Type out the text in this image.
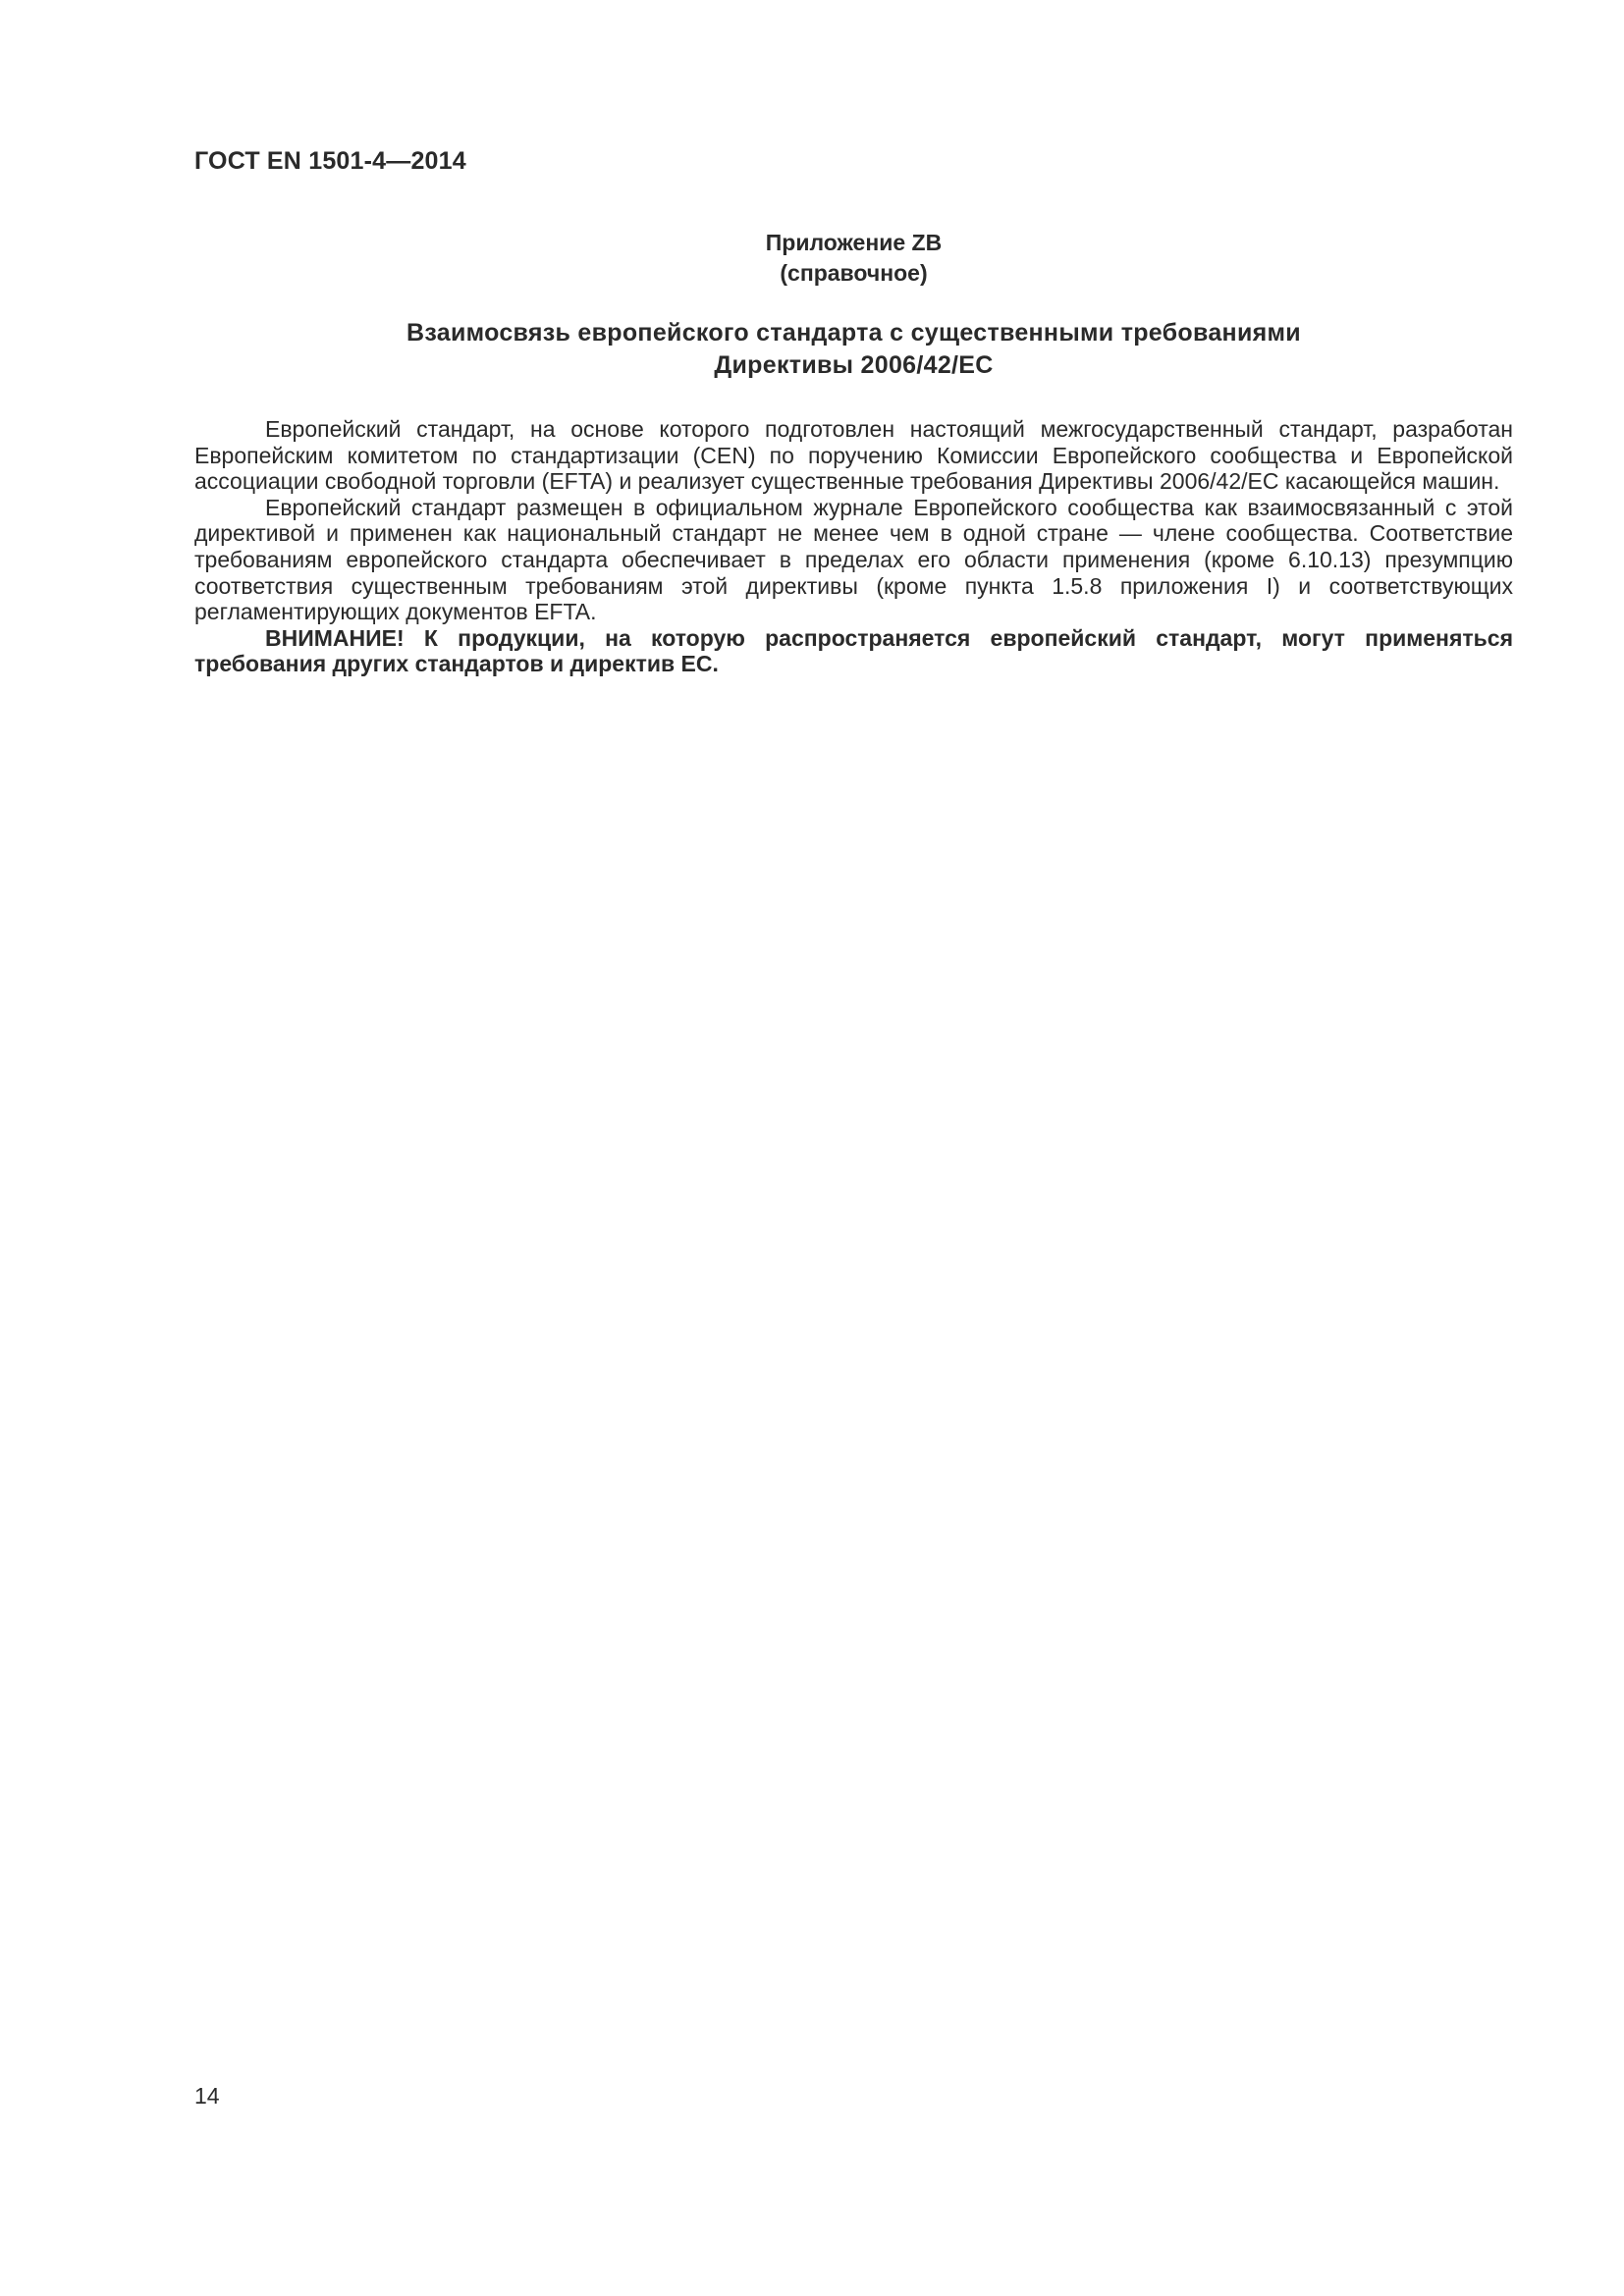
ГОСТ EN 1501-4—2014
Приложение ZB
(справочное)
Взаимосвязь европейского стандарта с существенными требованиями
Директивы 2006/42/ЕС

Европейский стандарт, на основе которого подготовлен настоящий межгосударственный стандарт, разработан Европейским комитетом по стандартизации (CEN) по поручению Комиссии Европейского сообщества и Европейской ассоциации свободной торговли (EFTA) и реализует существенные требования Директивы 2006/42/ЕС касающейся машин.

Европейский стандарт размещен в официальном журнале Европейского сообщества как взаимосвязанный с этой директивой и применен как национальный стандарт не менее чем в одной стране — члене сообщества. Соответствие требованиям европейского стандарта обеспечивает в пределах его области применения (кроме 6.10.13) презумпцию соответствия существенным требованиям этой директивы (кроме пункта 1.5.8 приложения I) и соответствующих регламентирующих документов EFTA.

ВНИМАНИЕ! К продукции, на которую распространяется европейский стандарт, могут применяться требования других стандартов и директив ЕС.

14
